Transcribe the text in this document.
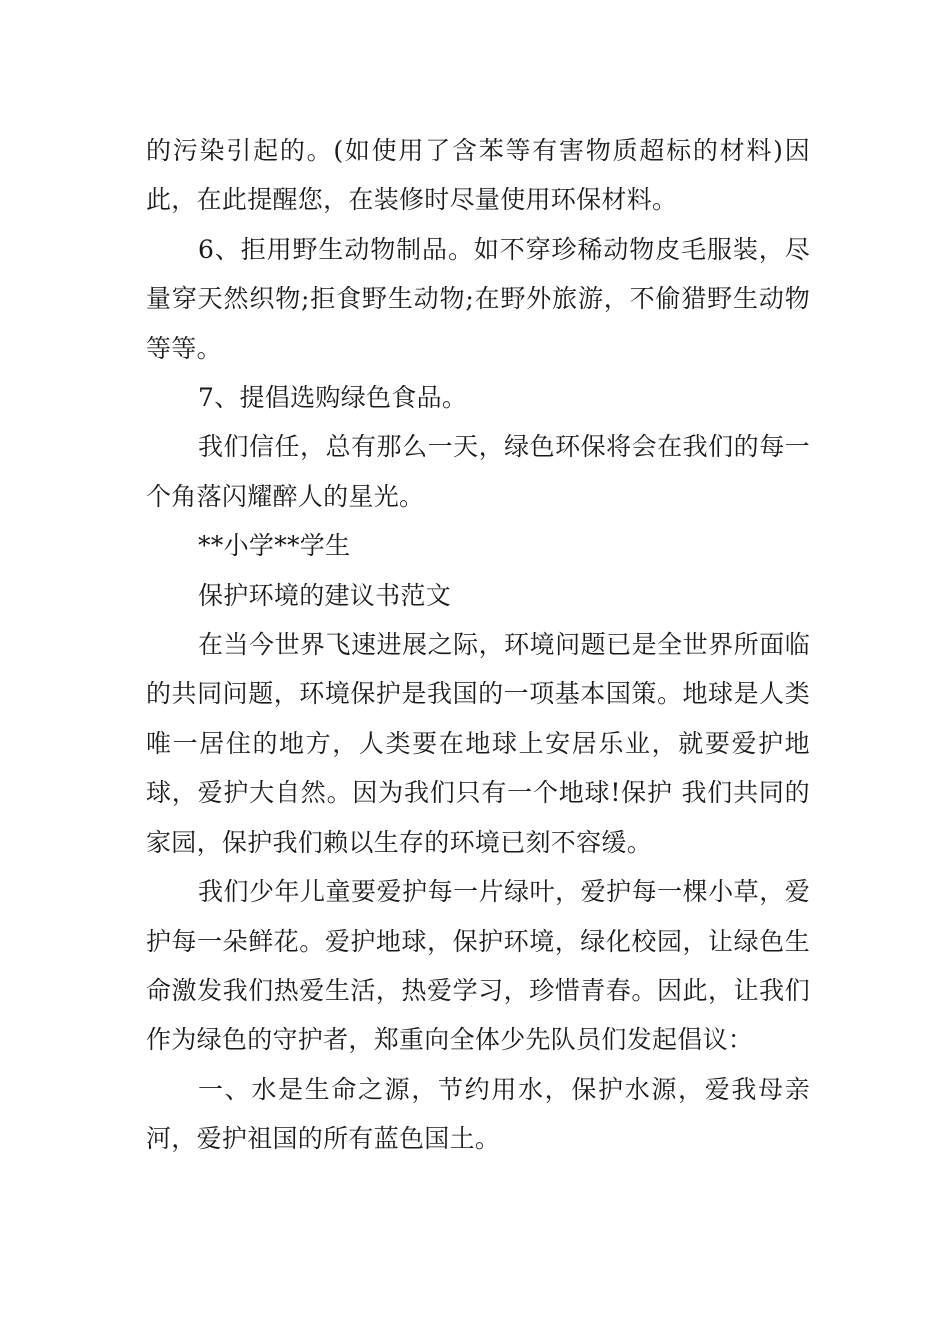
的污染引起的。(如使用了含苯等有害物质超标的材料)因此，在此提醒您，在装修时尽量使用环保材料。

6、拒用野生动物制品。如不穿珍稀动物皮毛服装，尽量穿天然织物;拒食野生动物;在野外旅游，不偷猎野生动物等等。

7、提倡选购绿色食品。

我们信任，总有那么一天，绿色环保将会在我们的每一个角落闪耀醉人的星光。

**小学**学生

保护环境的建议书范文

在当今世界飞速进展之际，环境问题已是全世界所面临的共同问题，环境保护是我国的一项基本国策。地球是人类唯一居住的地方，人类要在地球上安居乐业，就要爱护地球，爱护大自然。因为我们只有一个地球!保护 我们共同的家园，保护我们赖以生存的环境已刻不容缓。

我们少年儿童要爱护每一片绿叶，爱护每一棵小草，爱护每一朵鲜花。爱护地球，保护环境，绿化校园，让绿色生命激发我们热爱生活，热爱学习，珍惜青春。因此，让我们作为绿色的守护者，郑重向全体少先队员们发起倡议：

一、水是生命之源，节约用水，保护水源，爱我母亲河，爱护祖国的所有蓝色国土。
